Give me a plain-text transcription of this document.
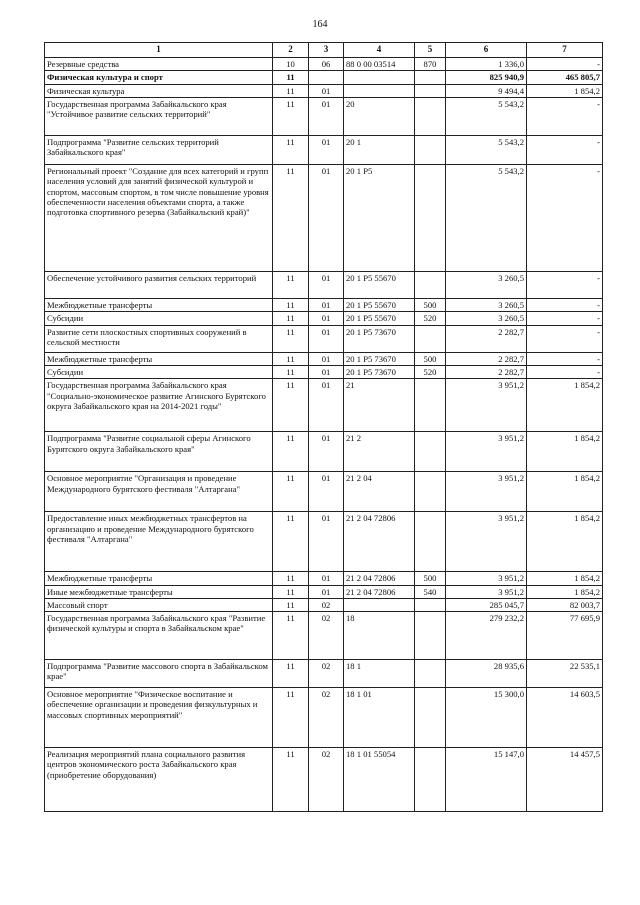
164
1	2	3	4	5	6	7
Резервные средства	10	06	88 0 00 03514	870	1 336,0	-
Физическая культура и спорт	11				825 940,9	465 805,7
Физическая культура	11	01			9 494,4	1 854,2
Государственная программа Забайкальского края "Устойчивое развитие сельских территорий"	11	01	20		5 543,2	-
Подпрограмма "Развитие сельских территорий Забайкальского края"	11	01	20 1		5 543,2	-
Региональный проект "Создание для всех категорий и групп населения условий для занятий физической культурой и спортом, массовым спортом, в том числе повышение уровня обеспеченности населения объектами спорта, а также подготовка спортивного резерва (Забайкальский край)"	11	01	20 1 P5		5 543,2	-
Обеспечение устойчивого развития сельских территорий	11	01	20 1 P5 55670		3 260,5	-
Межбюджетные трансферты	11	01	20 1 P5 55670	500	3 260,5	-
Субсидии	11	01	20 1 P5 55670	520	3 260,5	-
Развитие сети плоскостных спортивных сооружений в сельской местности	11	01	20 1 P5 73670		2 282,7	-
Межбюджетные трансферты	11	01	20 1 P5 73670	500	2 282,7	-
Субсидии	11	01	20 1 P5 73670	520	2 282,7	-
Государственная программа Забайкальского края "Социально-экономическое развитие Агинского Бурятского округа Забайкальского края на 2014-2021 годы"	11	01	21		3 951,2	1 854,2
Подпрограмма "Развитие социальной сферы Агинского Бурятского округа Забайкальского края"	11	01	21 2		3 951,2	1 854,2
Основное мероприятие "Организация и проведение Международного бурятского фестиваля "Алтаргана"	11	01	21 2 04		3 951,2	1 854,2
Предоставление иных межбюджетных трансфертов на организацию и проведение Международного бурятского фестиваля "Алтаргана"	11	01	21 2 04 72806		3 951,2	1 854,2
Межбюджетные трансферты	11	01	21 2 04 72806	500	3 951,2	1 854,2
Иные межбюджетные трансферты	11	01	21 2 04 72806	540	3 951,2	1 854,2
Массовый спорт	11	02			285 045,7	82 003,7
Государственная программа Забайкальского края "Развитие физической культуры и спорта в Забайкальском крае"	11	02	18		279 232,2	77 695,9
Подпрограмма "Развитие массового спорта в Забайкальском крае"	11	02	18 1		28 935,6	22 535,1
Основное мероприятие "Физическое воспитание и обеспечение организации и проведения физкультурных и массовых спортивных мероприятий"	11	02	18 1 01		15 300,0	14 603,5
Реализация мероприятий плана социального развития центров экономического роста Забайкальского края (приобретение оборудования)	11	02	18 1 01 55054		15 147,0	14 457,5
